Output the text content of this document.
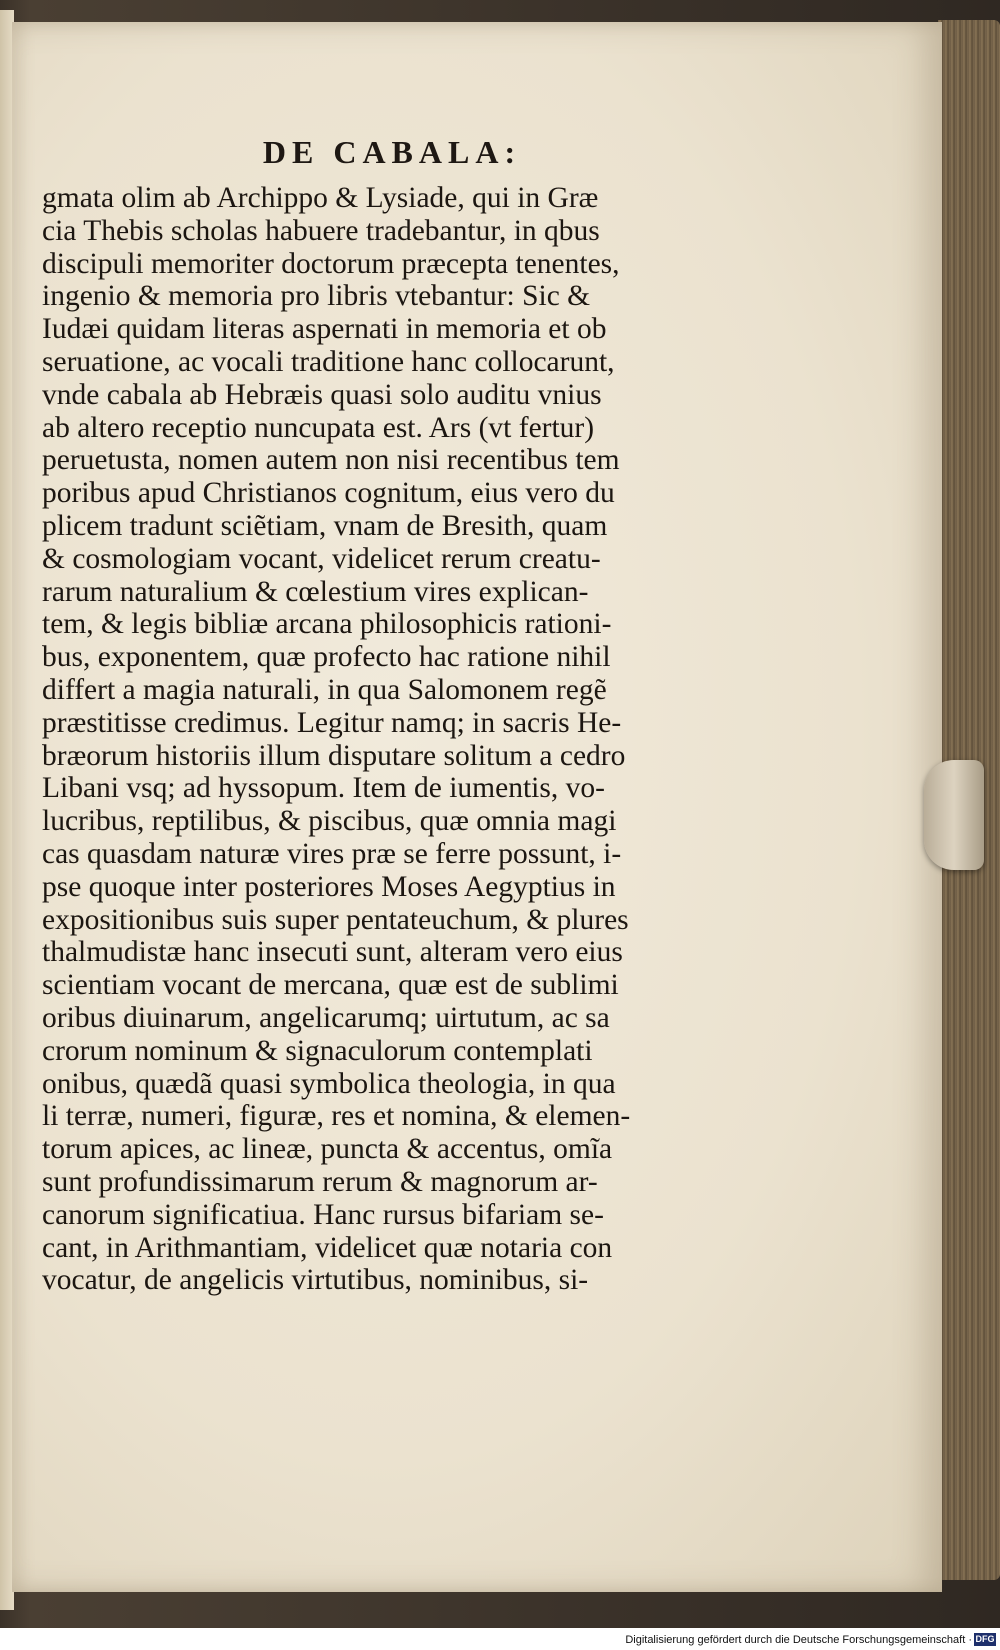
DE CABALA:
gmata olim ab Archippo & Lysiade, qui in Græ
cia Thebis scholas habuere tradebantur, in qbus
discipuli memoriter doctorum præcepta tenentes,
ingenio & memoria pro libris vtebantur: Sic &
Iudæi quidam literas aspernati in memoria et ob
seruatione, ac vocali traditione hanc collocarunt,
vnde cabala ab Hebræis quasi solo auditu vnius
ab altero receptio nuncupata est. Ars (vt fertur)
peruetusta, nomen autem non nisi recentibus tem
poribus apud Christianos cognitum, eius vero du
plicem tradunt sciẽtiam, vnam de Bresith, quam
& cosmologiam vocant, videlicet rerum creatu-
rarum naturalium & cœlestium vires explican-
tem, & legis bibliæ arcana philosophicis rationi-
bus, exponentem, quæ profecto hac ratione nihil
differt a magia naturali, in qua Salomonem regẽ
præstitisse credimus. Legitur namq; in sacris He-
bræorum historiis illum disputare solitum a cedro
Libani vsq; ad hyssopum. Item de iumentis, vo-
lucribus, reptilibus, & piscibus, quæ omnia magi
cas quasdam naturæ vires præ se ferre possunt, i-
pse quoque inter posteriores Moses Aegyptius in
expositionibus suis super pentateuchum, & plures
thalmudistæ hanc insecuti sunt, alteram vero eius
scientiam vocant de mercana, quæ est de sublimi
oribus diuinarum, angelicarumq; uirtutum, ac sa
crorum nominum & signaculorum contemplati
onibus, quædã quasi symbolica theologia, in qua
li terræ, numeri, figuræ, res et nomina, & elemen-
torum apices, ac lineæ, puncta & accentus, omĩa
sunt profundissimarum rerum & magnorum ar-
canorum significatiua. Hanc rursus bifariam se-
cant, in Arithmantiam, videlicet quæ notaria con
vocatur, de angelicis virtutibus, nominibus, si-
Digitalisierung gefördert durch die Deutsche Forschungsgemeinschaft · DFG
